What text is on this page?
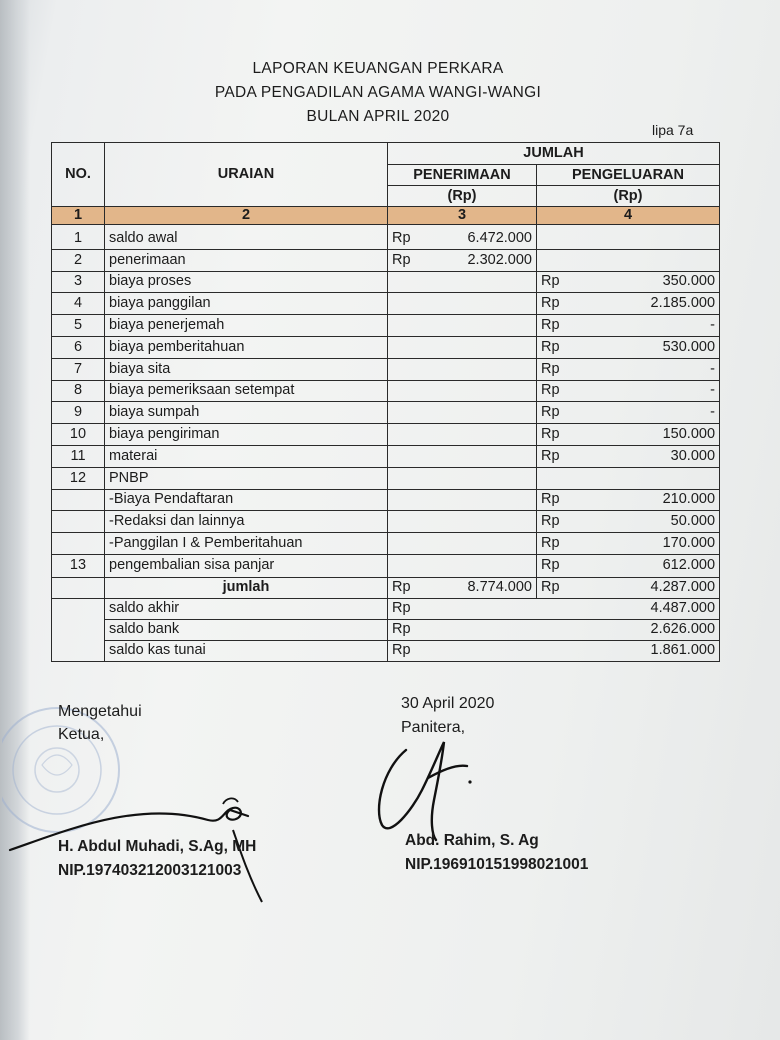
LAPORAN KEUANGAN PERKARA
PADA PENGADILAN AGAMA WANGI-WANGI
BULAN APRIL 2020
lipa 7a
NO.	URAIAN	JUMLAH	
		PENERIMAAN	PENGELUARAN
		(Rp)	(Rp)
1	2	3	4
1	saldo awal	Rp 6.472.000	

2	penerimaan	Rp 2.302.000	

3	biaya proses		Rp 350.000

4	biaya panggilan		Rp 2.185.000

5	biaya penerjemah		Rp -

6	biaya pemberitahuan		Rp 530.000

7	biaya sita		Rp -

8	biaya pemeriksaan setempat		Rp -

9	biaya sumpah		Rp -

10	biaya pengiriman		Rp 150.000

11	materai		Rp 30.000

12	PNBP	

	-Biaya Pendaftaran		Rp 210.000

	-Redaksi dan lainnya		Rp 50.000

	-Panggilan I & Pemberitahuan		Rp 170.000

13	pengembalian sisa panjar		Rp 612.000

	jumlah	Rp 8.774.000	Rp 4.287.000

	saldo akhir	Rp 4.487.000	

	saldo bank	Rp 2.626.000	

	saldo kas tunai	Rp 1.861.000	
Mengetahui
Ketua,
30 April 2020
Panitera,
H. Abdul Muhadi, S.Ag, MH
NIP.197403212003121003
Abd. Rahim, S. Ag
NIP.196910151998021001
